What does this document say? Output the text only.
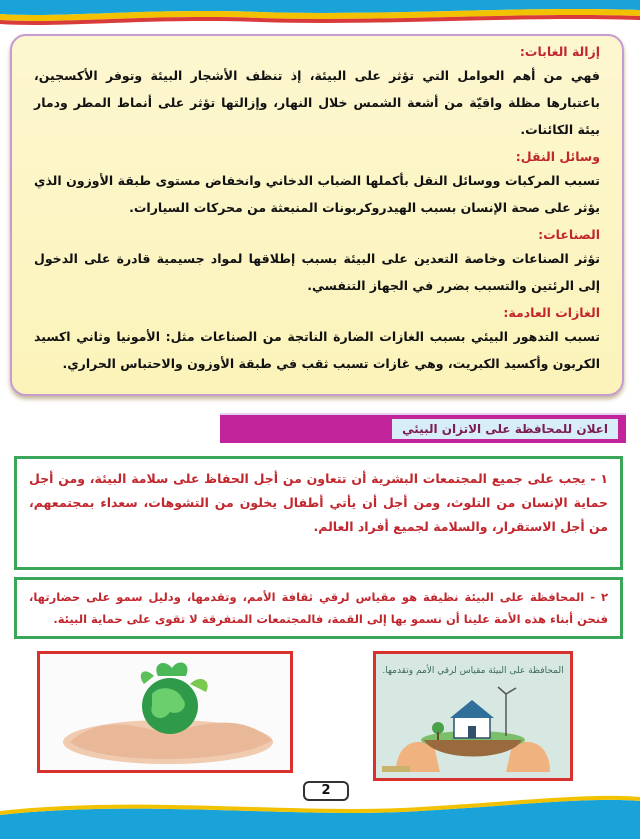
إزالة الغابات:
فهي من أهم العوامل التي تؤثر على البيئة، إذ تنظف الأشجار البيئة وتوفر الأكسجين، باعتبارها مظلة واقيّة من أشعة الشمس خلال النهار، وإزالتها تؤثر على أنماط المطر ودمار بيئة الكائنات.
وسائل النقل:
تسبب المركبات ووسائل النقل بأكملها الضباب الدخاني وانخفاض مستوى طبقة الأوزون الذي يؤثر على صحة الإنسان بسبب الهيدروكربونات المنبعثة من محركات السيارات.
الصناعات:
تؤثر الصناعات وخاصة التعدين على البيئة بسبب إطلاقها لمواد جسيمية قادرة على الدخول إلى الرئتين والتسبب بضرر في الجهاز التنفسي.
الغازات العادمة:
تسبب التدهور البيئي بسبب الغازات الضارة الناتجة من الصناعات مثل: الأمونيا وثاني اكسيد الكربون وأكسيد الكبريت، وهي غازات تسبب ثقب في طبقة الأوزون والاحتباس الحراري.
اعلان للمحافظة على الاتزان البيئي
١ - يجب على جميع المجتمعات البشرية أن تتعاون من أجل الحفاظ على سلامة البيئة، ومن أجل حماية الإنسان من التلوث، ومن أجل أن يأتي أطفال يخلون من التشوهات، سعداء بمجتمعهم، من أجل الاستقرار، والسلامة لجميع أفراد العالم.
٢ - المحافظة على البيئة نظيفة هو مقياس لرقي ثقافة الأمم، وتقدمها، ودليل سمو على حضارتها، فنحن أبناء هذه الأمة علينا أن نسمو بها إلى القمة، فالمجتمعات المتفرقة لا تقوى على حماية البيئة.
المحافظة على البيئة مقياس لرقي الأمم وتقدمها.
2
